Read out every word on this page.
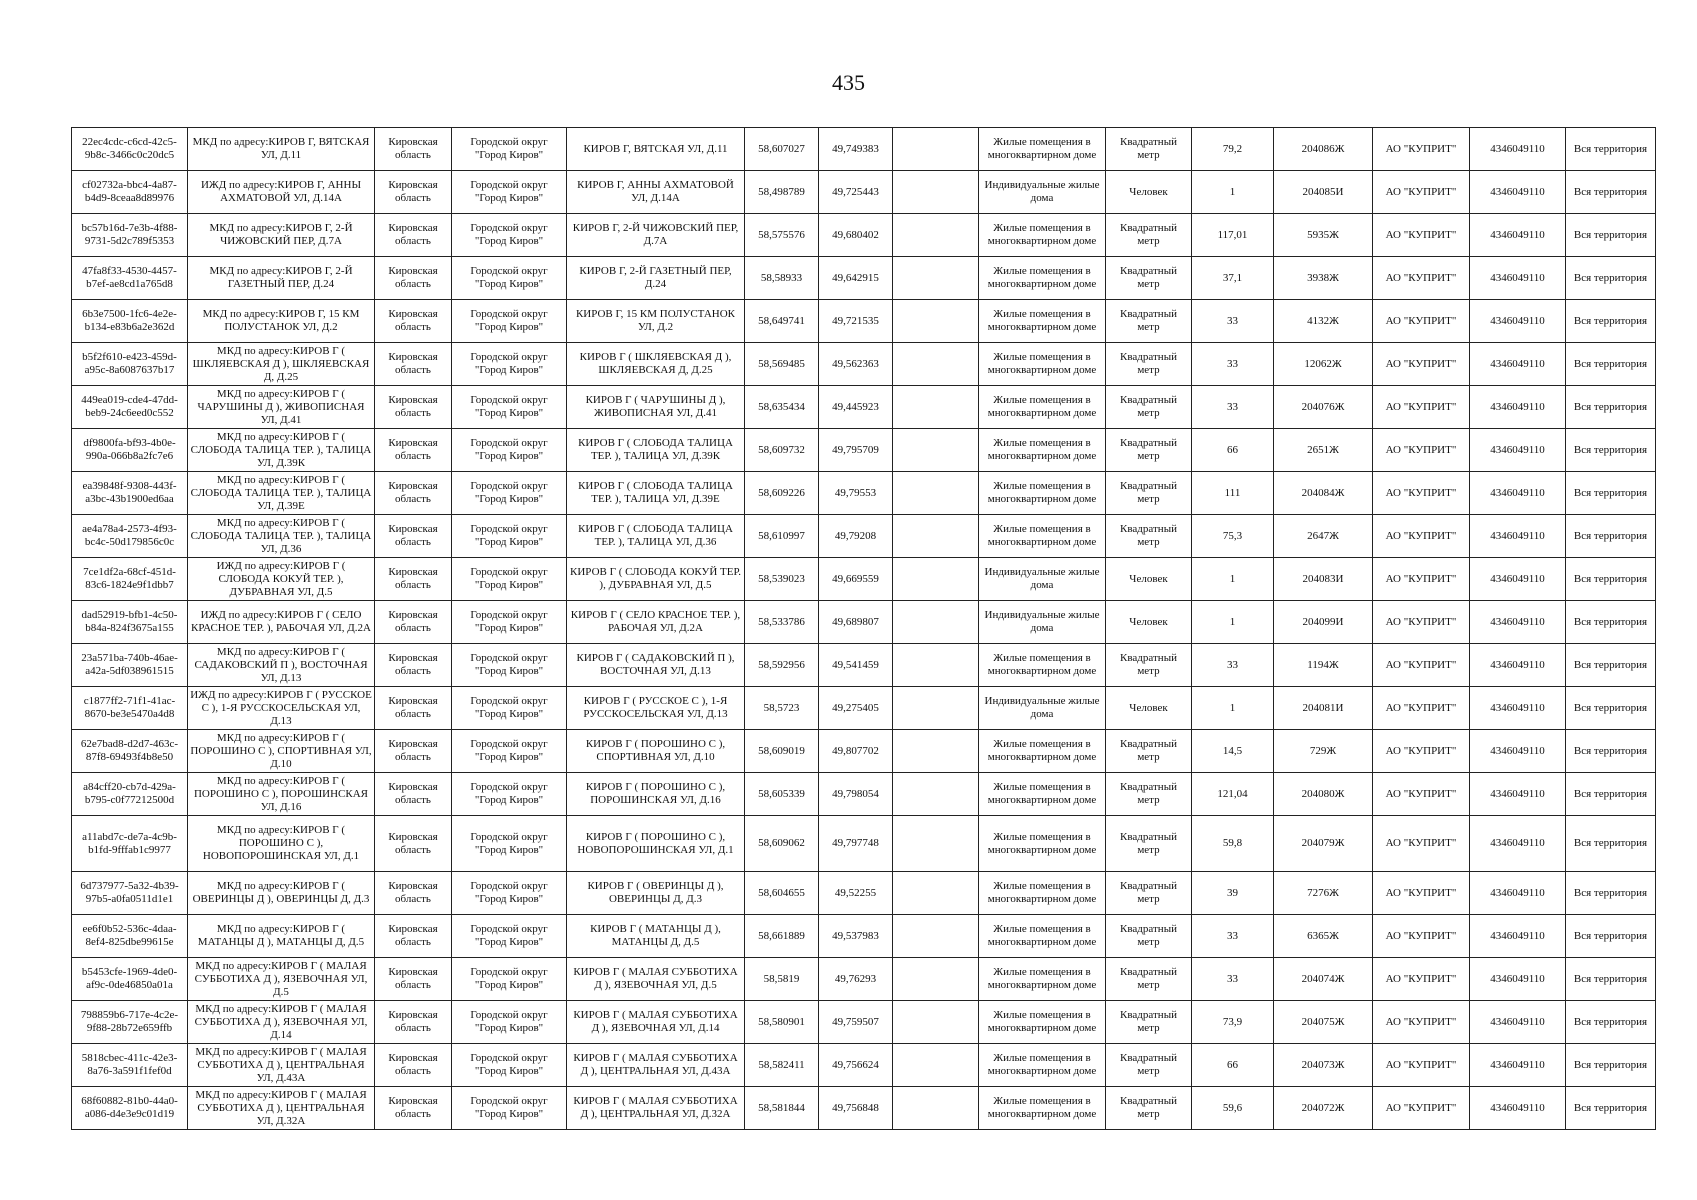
435
22ec4cdc-c6cd-42c5-9b8c-3466c0c20dc5	МКД по адресу:КИРОВ Г, ВЯТСКАЯ УЛ, Д.11	Кировская область	Городской округ "Город Киров"	КИРОВ Г, ВЯТСКАЯ УЛ, Д.11	58,607027	49,749383		Жилые помещения в многоквартирном доме	Квадратный метр	79,2	204086Ж	АО "КУПРИТ"	4346049110	Вся территория
cf02732a-bbc4-4a87-b4d9-8ceaa8d89976	ИЖД по адресу:КИРОВ Г, АННЫ АХМАТОВОЙ УЛ, Д.14А	Кировская область	Городской округ "Город Киров"	КИРОВ Г, АННЫ АХМАТОВОЙ УЛ, Д.14А	58,498789	49,725443		Индивидуальные жилые дома	Человек	1	204085И	АО "КУПРИТ"	4346049110	Вся территория
bc57b16d-7e3b-4f88-9731-5d2c789f5353	МКД по адресу:КИРОВ Г, 2-Й ЧИЖОВСКИЙ ПЕР, Д.7А	Кировская область	Городской округ "Город Киров"	КИРОВ Г, 2-Й ЧИЖОВСКИЙ ПЕР, Д.7А	58,575576	49,680402		Жилые помещения в многоквартирном доме	Квадратный метр	117,01	5935Ж	АО "КУПРИТ"	4346049110	Вся территория
47fa8f33-4530-4457-b7ef-ae8cd1a765d8	МКД по адресу:КИРОВ Г, 2-Й ГАЗЕТНЫЙ ПЕР, Д.24	Кировская область	Городской округ "Город Киров"	КИРОВ Г, 2-Й ГАЗЕТНЫЙ ПЕР, Д.24	58,58933	49,642915		Жилые помещения в многоквартирном доме	Квадратный метр	37,1	3938Ж	АО "КУПРИТ"	4346049110	Вся территория
6b3e7500-1fc6-4e2e-b134-e83b6a2e362d	МКД по адресу:КИРОВ Г, 15 КМ ПОЛУСТАНОК УЛ, Д.2	Кировская область	Городской округ "Город Киров"	КИРОВ Г, 15 КМ ПОЛУСТАНОК УЛ, Д.2	58,649741	49,721535		Жилые помещения в многоквартирном доме	Квадратный метр	33	4132Ж	АО "КУПРИТ"	4346049110	Вся территория
b5f2f610-e423-459d-a95c-8a6087637b17	МКД по адресу:КИРОВ Г ( ШКЛЯЕВСКАЯ Д ), ШКЛЯЕВСКАЯ Д, Д.25	Кировская область	Городской округ "Город Киров"	КИРОВ Г ( ШКЛЯЕВСКАЯ Д ), ШКЛЯЕВСКАЯ Д, Д.25	58,569485	49,562363		Жилые помещения в многоквартирном доме	Квадратный метр	33	12062Ж	АО "КУПРИТ"	4346049110	Вся территория
449ea019-cde4-47dd-beb9-24c6eed0c552	МКД по адресу:КИРОВ Г ( ЧАРУШИНЫ Д ), ЖИВОПИСНАЯ УЛ, Д.41	Кировская область	Городской округ "Город Киров"	КИРОВ Г ( ЧАРУШИНЫ Д ), ЖИВОПИСНАЯ УЛ, Д.41	58,635434	49,445923		Жилые помещения в многоквартирном доме	Квадратный метр	33	204076Ж	АО "КУПРИТ"	4346049110	Вся территория
df9800fa-bf93-4b0e-990a-066b8a2fc7e6	МКД по адресу:КИРОВ Г ( СЛОБОДА ТАЛИЦА ТЕР. ), ТАЛИЦА УЛ, Д.39К	Кировская область	Городской округ "Город Киров"	КИРОВ Г ( СЛОБОДА ТАЛИЦА ТЕР. ), ТАЛИЦА УЛ, Д.39К	58,609732	49,795709		Жилые помещения в многоквартирном доме	Квадратный метр	66	2651Ж	АО "КУПРИТ"	4346049110	Вся территория
ea39848f-9308-443f-a3bc-43b1900ed6aa	МКД по адресу:КИРОВ Г ( СЛОБОДА ТАЛИЦА ТЕР. ), ТАЛИЦА УЛ, Д.39Е	Кировская область	Городской округ "Город Киров"	КИРОВ Г ( СЛОБОДА ТАЛИЦА ТЕР. ), ТАЛИЦА УЛ, Д.39Е	58,609226	49,79553		Жилые помещения в многоквартирном доме	Квадратный метр	111	204084Ж	АО "КУПРИТ"	4346049110	Вся территория
ae4a78a4-2573-4f93-bc4c-50d179856c0c	МКД по адресу:КИРОВ Г ( СЛОБОДА ТАЛИЦА ТЕР. ), ТАЛИЦА УЛ, Д.36	Кировская область	Городской округ "Город Киров"	КИРОВ Г ( СЛОБОДА ТАЛИЦА ТЕР. ), ТАЛИЦА УЛ, Д.36	58,610997	49,79208		Жилые помещения в многоквартирном доме	Квадратный метр	75,3	2647Ж	АО "КУПРИТ"	4346049110	Вся территория
7ce1df2a-68cf-451d-83c6-1824e9f1dbb7	ИЖД по адресу:КИРОВ Г ( СЛОБОДА КОКУЙ ТЕР. ), ДУБРАВНАЯ УЛ, Д.5	Кировская область	Городской округ "Город Киров"	КИРОВ Г ( СЛОБОДА КОКУЙ ТЕР. ), ДУБРАВНАЯ УЛ, Д.5	58,539023	49,669559		Индивидуальные жилые дома	Человек	1	204083И	АО "КУПРИТ"	4346049110	Вся территория
dad52919-bfb1-4c50-b84a-824f3675a155	ИЖД по адресу:КИРОВ Г ( СЕЛО КРАСНОЕ ТЕР. ), РАБОЧАЯ УЛ, Д.2А	Кировская область	Городской округ "Город Киров"	КИРОВ Г ( СЕЛО КРАСНОЕ ТЕР. ), РАБОЧАЯ УЛ, Д.2А	58,533786	49,689807		Индивидуальные жилые дома	Человек	1	204099И	АО "КУПРИТ"	4346049110	Вся территория
23a571ba-740b-46ae-a42a-5df038961515	МКД по адресу:КИРОВ Г ( САДАКОВСКИЙ П ), ВОСТОЧНАЯ УЛ, Д.13	Кировская область	Городской округ "Город Киров"	КИРОВ Г ( САДАКОВСКИЙ П ), ВОСТОЧНАЯ УЛ, Д.13	58,592956	49,541459		Жилые помещения в многоквартирном доме	Квадратный метр	33	1194Ж	АО "КУПРИТ"	4346049110	Вся территория
c1877ff2-71f1-41ac-8670-be3e5470a4d8	ИЖД по адресу:КИРОВ Г ( РУССКОЕ С ), 1-Я РУССКОСЕЛЬСКАЯ УЛ, Д.13	Кировская область	Городской округ "Город Киров"	КИРОВ Г ( РУССКОЕ С ), 1-Я РУССКОСЕЛЬСКАЯ УЛ, Д.13	58,5723	49,275405		Индивидуальные жилые дома	Человек	1	204081И	АО "КУПРИТ"	4346049110	Вся территория
62e7bad8-d2d7-463c-87f8-69493f4b8e50	МКД по адресу:КИРОВ Г ( ПОРОШИНО С ), СПОРТИВНАЯ УЛ, Д.10	Кировская область	Городской округ "Город Киров"	КИРОВ Г ( ПОРОШИНО С ), СПОРТИВНАЯ УЛ, Д.10	58,609019	49,807702		Жилые помещения в многоквартирном доме	Квадратный метр	14,5	729Ж	АО "КУПРИТ"	4346049110	Вся территория
a84cff20-cb7d-429a-b795-c0f77212500d	МКД по адресу:КИРОВ Г ( ПОРОШИНО С ), ПОРОШИНСКАЯ УЛ, Д.16	Кировская область	Городской округ "Город Киров"	КИРОВ Г ( ПОРОШИНО С ), ПОРОШИНСКАЯ УЛ, Д.16	58,605339	49,798054		Жилые помещения в многоквартирном доме	Квадратный метр	121,04	204080Ж	АО "КУПРИТ"	4346049110	Вся территория
a11abd7c-de7a-4c9b-b1fd-9fffab1c9977	МКД по адресу:КИРОВ Г ( ПОРОШИНО С ), НОВОПОРОШИНСКАЯ УЛ, Д.1	Кировская область	Городской округ "Город Киров"	КИРОВ Г ( ПОРОШИНО С ), НОВОПОРОШИНСКАЯ УЛ, Д.1	58,609062	49,797748		Жилые помещения в многоквартирном доме	Квадратный метр	59,8	204079Ж	АО "КУПРИТ"	4346049110	Вся территория
6d737977-5a32-4b39-97b5-a0fa0511d1e1	МКД по адресу:КИРОВ Г ( ОВЕРИНЦЫ Д ), ОВЕРИНЦЫ Д, Д.3	Кировская область	Городской округ "Город Киров"	КИРОВ Г ( ОВЕРИНЦЫ Д ), ОВЕРИНЦЫ Д, Д.3	58,604655	49,52255		Жилые помещения в многоквартирном доме	Квадратный метр	39	7276Ж	АО "КУПРИТ"	4346049110	Вся территория
ee6f0b52-536c-4daa-8ef4-825dbe99615e	МКД по адресу:КИРОВ Г ( МАТАНЦЫ Д ), МАТАНЦЫ Д, Д.5	Кировская область	Городской округ "Город Киров"	КИРОВ Г ( МАТАНЦЫ Д ), МАТАНЦЫ Д, Д.5	58,661889	49,537983		Жилые помещения в многоквартирном доме	Квадратный метр	33	6365Ж	АО "КУПРИТ"	4346049110	Вся территория
b5453cfe-1969-4de0-af9c-0de46850a01a	МКД по адресу:КИРОВ Г ( МАЛАЯ СУББОТИХА Д ), ЯЗЕВОЧНАЯ УЛ, Д.5	Кировская область	Городской округ "Город Киров"	КИРОВ Г ( МАЛАЯ СУББОТИХА Д ), ЯЗЕВОЧНАЯ УЛ, Д.5	58,5819	49,76293		Жилые помещения в многоквартирном доме	Квадратный метр	33	204074Ж	АО "КУПРИТ"	4346049110	Вся территория
798859b6-717e-4c2e-9f88-28b72e659ffb	МКД по адресу:КИРОВ Г ( МАЛАЯ СУББОТИХА Д ), ЯЗЕВОЧНАЯ УЛ, Д.14	Кировская область	Городской округ "Город Киров"	КИРОВ Г ( МАЛАЯ СУББОТИХА Д ), ЯЗЕВОЧНАЯ УЛ, Д.14	58,580901	49,759507		Жилые помещения в многоквартирном доме	Квадратный метр	73,9	204075Ж	АО "КУПРИТ"	4346049110	Вся территория
5818cbec-411c-42e3-8a76-3a591f1fef0d	МКД по адресу:КИРОВ Г ( МАЛАЯ СУББОТИХА Д ), ЦЕНТРАЛЬНАЯ УЛ, Д.43А	Кировская область	Городской округ "Город Киров"	КИРОВ Г ( МАЛАЯ СУББОТИХА Д ), ЦЕНТРАЛЬНАЯ УЛ, Д.43А	58,582411	49,756624		Жилые помещения в многоквартирном доме	Квадратный метр	66	204073Ж	АО "КУПРИТ"	4346049110	Вся территория
68f60882-81b0-44a0-a086-d4e3e9c01d19	МКД по адресу:КИРОВ Г ( МАЛАЯ СУББОТИХА Д ), ЦЕНТРАЛЬНАЯ УЛ, Д.32А	Кировская область	Городской округ "Город Киров"	КИРОВ Г ( МАЛАЯ СУББОТИХА Д ), ЦЕНТРАЛЬНАЯ УЛ, Д.32А	58,581844	49,756848		Жилые помещения в многоквартирном доме	Квадратный метр	59,6	204072Ж	АО "КУПРИТ"	4346049110	Вся территория
